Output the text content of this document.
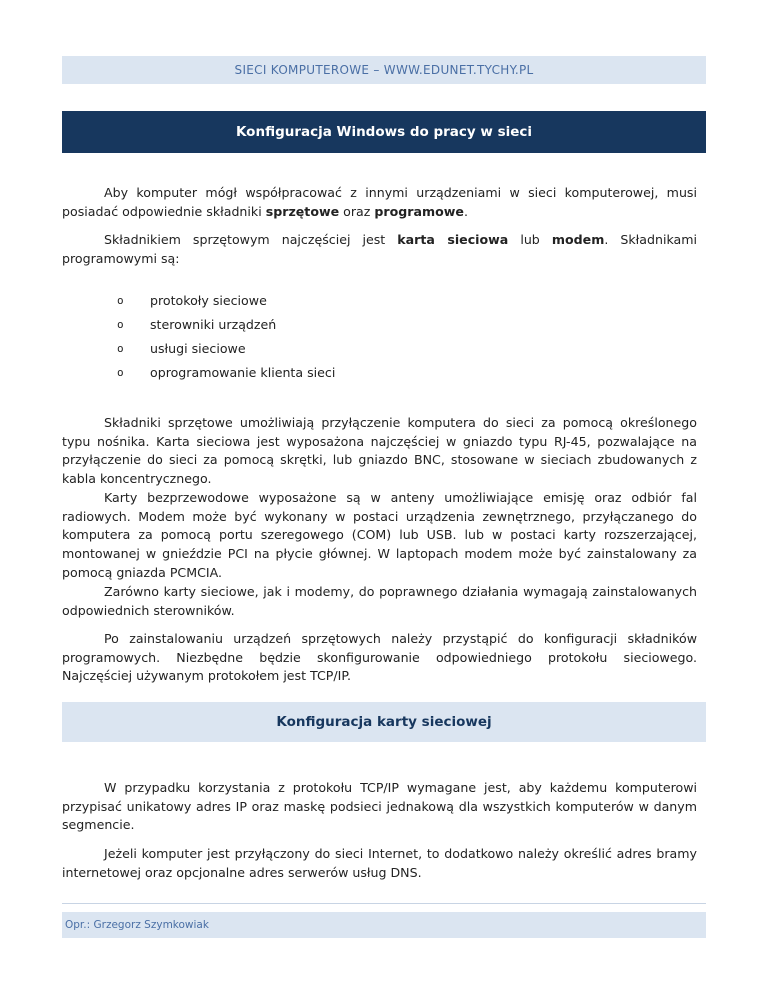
SIECI KOMPUTEROWE – WWW.EDUNET.TYCHY.PL
Konfiguracja Windows do pracy w sieci

Aby komputer mógł współpracować z innymi urządzeniami w sieci komputerowej, musi posiadać odpowiednie składniki sprzętowe oraz programowe.

Składnikiem sprzętowym najczęściej jest karta sieciowa lub modem. Składnikami programowymi są:

o protokoły sieciowe
o sterowniki urządzeń
o usługi sieciowe
o oprogramowanie klienta sieci

Składniki sprzętowe umożliwiają przyłączenie komputera do sieci za pomocą określonego typu nośnika. Karta sieciowa jest wyposażona najczęściej w gniazdo typu RJ-45, pozwalające na przyłączenie do sieci za pomocą skrętki, lub gniazdo BNC, stosowane w sieciach zbudowanych z kabla koncentrycznego.

Karty bezprzewodowe wyposażone są w anteny umożliwiające emisję oraz odbiór fal radiowych. Modem może być wykonany w postaci urządzenia zewnętrznego, przyłączanego do komputera za pomocą portu szeregowego (COM) lub USB. lub w postaci karty rozszerzającej, montowanej w gnieździe PCI na płycie głównej. W laptopach modem może być zainstalowany za pomocą gniazda PCMCIA.

Zarówno karty sieciowe, jak i modemy, do poprawnego działania wymagają zainstalowanych odpowiednich sterowników.

Po zainstalowaniu urządzeń sprzętowych należy przystąpić do konfiguracji składników programowych. Niezbędne będzie skonfigurowanie odpowiedniego protokołu sieciowego. Najczęściej używanym protokołem jest TCP/IP.

Konfiguracja karty sieciowej

W przypadku korzystania z protokołu TCP/IP wymagane jest, aby każdemu komputerowi przypisać unikatowy adres IP oraz maskę podsieci jednakową dla wszystkich komputerów w danym segmencie.

Jeżeli komputer jest przyłączony do sieci Internet, to dodatkowo należy określić adres bramy internetowej oraz opcjonalne adres serwerów usług DNS.

Opr.: Grzegorz Szymkowiak
